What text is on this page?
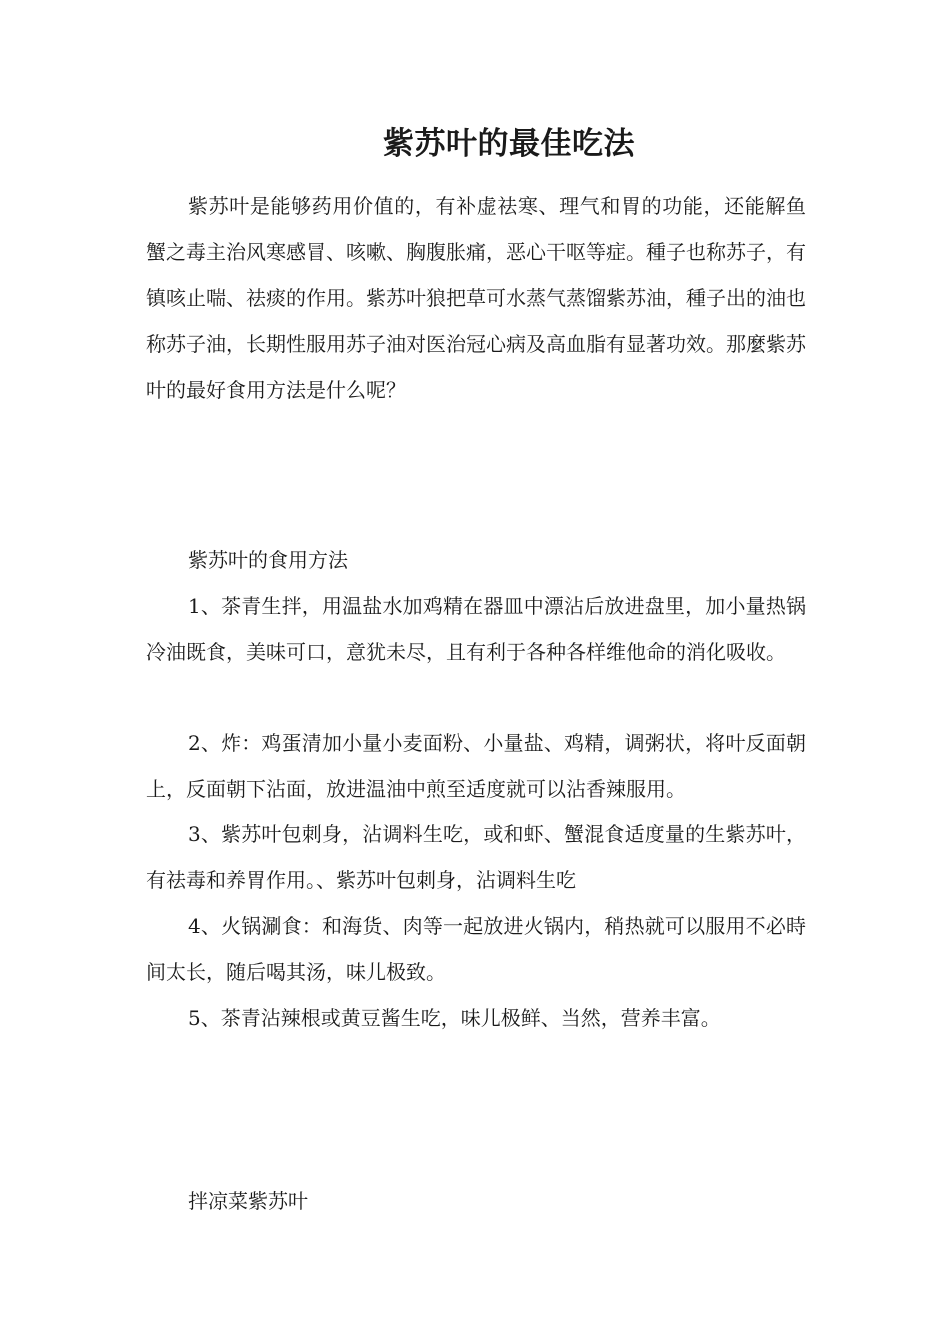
紫苏叶的最佳吃法

紫苏叶是能够药用价值的，有补虚祛寒、理气和胃的功能，还能解鱼蟹之毒主治风寒感冒、咳嗽、胸腹胀痛，恶心干呕等症。種子也称苏子，有镇咳止喘、祛痰的作用。紫苏叶狼把草可水蒸气蒸馏紫苏油，種子出的油也称苏子油，长期性服用苏子油对医治冠心病及高血脂有显著功效。那麼紫苏叶的最好食用方法是什么呢？

紫苏叶的食用方法

1、茶青生拌，用温盐水加鸡精在器皿中漂沾后放进盘里，加小量热锅冷油既食，美味可口，意犹未尽，且有利于各种各样维他命的消化吸收。

2、炸：鸡蛋清加小量小麦面粉、小量盐、鸡精，调粥状，将叶反面朝上，反面朝下沾面，放进温油中煎至适度就可以沾香辣服用。

3、紫苏叶包刺身，沾调料生吃，或和虾、蟹混食适度量的生紫苏叶，有祛毒和养胃作用。、紫苏叶包刺身，沾调料生吃

4、火锅涮食：和海货、肉等一起放进火锅内，稍热就可以服用不必時间太长，随后喝其汤，味儿极致。

5、茶青沾辣根或黄豆酱生吃，味儿极鲜、当然，营养丰富。

拌凉菜紫苏叶
